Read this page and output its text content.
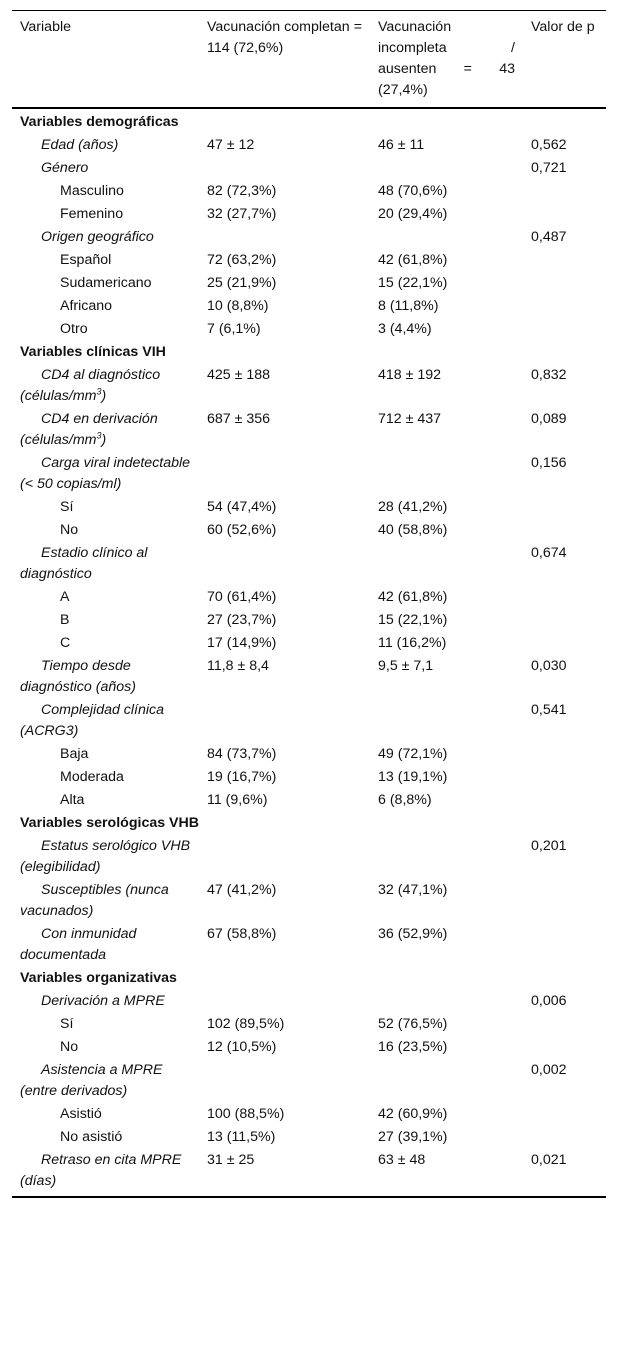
Variable	Vacunación completan = 114 (72,6%)	Vacunación incompleta / ausenten = 43 (27,4%)	Valor de p
Variables demográficas			
Edad (años)	47 ± 12	46 ± 11	0,562
Género			0,721
Masculino	82 (72,3%)	48 (70,6%)	
Femenino	32 (27,7%)	20 (29,4%)	
Origen geográfico			0,487
Español	72 (63,2%)	42 (61,8%)	
Sudamericano	25 (21,9%)	15 (22,1%)	
Africano	10 (8,8%)	8 (11,8%)	
Otro	7 (6,1%)	3 (4,4%)	
Variables clínicas VIH			
CD4 al diagnóstico $(células/mm^3)$	425 ± 188	418 ± 192	0,832
CD4 en derivación $(células/mm^3)$	687 ± 356	712 ± 437	0,089
Carga viral indetectable (< 50 copias/ml)			0,156
Sí	54 (47,4%)	28 (41,2%)	
No	60 (52,6%)	40 (58,8%)	
Estadio clínico al diagnóstico			0,674
A	70 (61,4%)	42 (61,8%)	
B	27 (23,7%)	15 (22,1%)	
C	17 (14,9%)	11 (16,2%)	
Tiempo desde diagnóstico (años)	11,8 ± 8,4	9,5 ± 7,1	0,030
Complejidad clínica (ACRG3)			0,541
Baja	84 (73,7%)	49 (72,1%)	
Moderada	19 (16,7%)	13 (19,1%)	
Alta	11 (9,6%)	6 (8,8%)	
Variables serológicas VHB			
Estatus serológico VHB (elegibilidad)			0,201
Susceptibles (nunca vacunados)	47 (41,2%)	32 (47,1%)	
Con inmunidad documentada	67 (58,8%)	36 (52,9%)	
Variables organizativas			
Derivación a MPRE			0,006
Sí	102 (89,5%)	52 (76,5%)	
No	12 (10,5%)	16 (23,5%)	
Asistencia a MPRE (entre derivados)			0,002
Asistió	100 (88,5%)	42 (60,9%)	
No asistió	13 (11,5%)	27 (39,1%)	
Retraso en cita MPRE (días)	31 ± 25	63 ± 48	0,021
